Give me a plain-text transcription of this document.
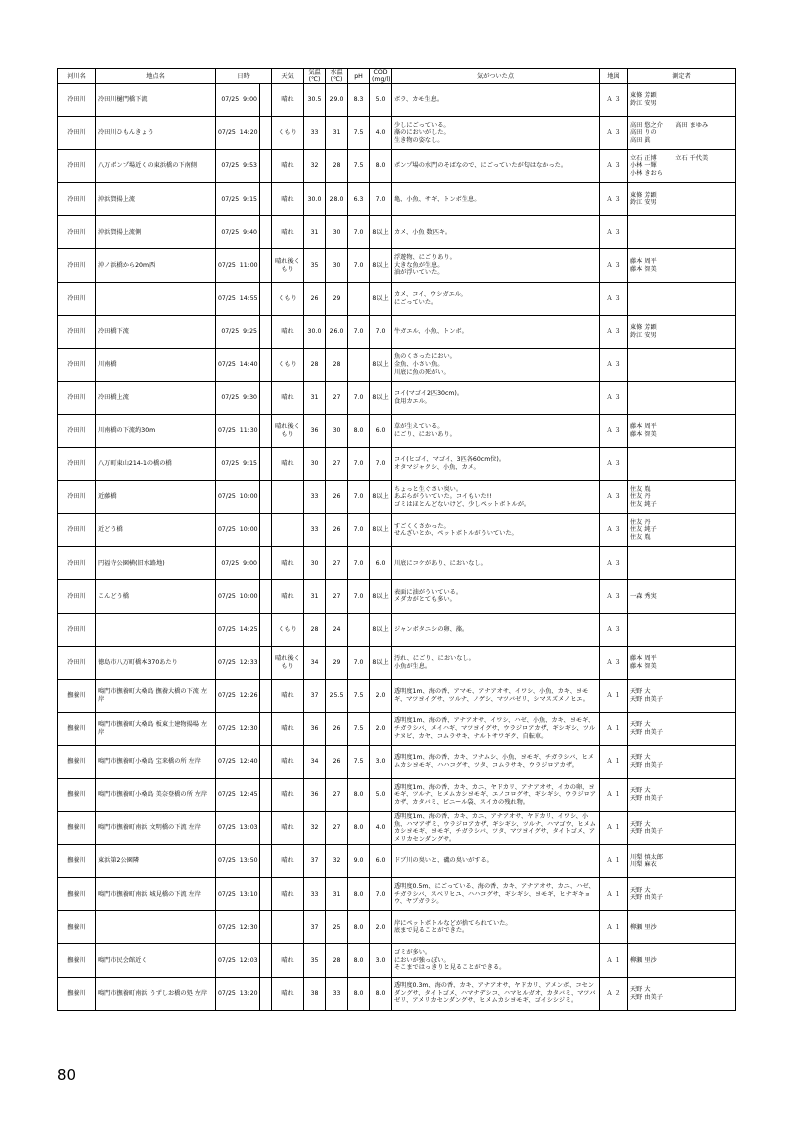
河川名	地点名	日時		天気	気温
(℃)	水温
(℃)	pH	COD
(mg/l)	気がついた点	地図	測定者
冷田川	冷田川樋門橋下流	07/25 9:00		晴れ	30.5	29.0	8.3	5.0	ボラ、カモ生息。	Ａ ３	東條 芳顕
鈴江 安男

冷田川	冷田川ひもんきょう	07/25 14:20		くもり	33	31	7.5	4.0	少しにごっている。
藻のにおいがした。
生き物の姿なし。	Ａ ３	高田 悠之介　　高田 まゆみ
高田 りの
高田 眞

冷田川	八万ポンプ場近くの東浜橋の下南側	07/25 9:53		晴れ	32	28	7.5	8.0	ポンプ場の水門のそばなので、にごっていたが匂はなかった。	Ａ ３	立石 正博　　　立石 千代美
小林 一輝
小林 きおら

冷田川	沖浜賀揚上流	07/25 9:15		晴れ	30.0	28.0	6.3	7.0	亀、小魚、サギ、トンボ生息。	Ａ ３	東條 芳顕
鈴江 安男

冷田川	沖浜賀揚上流側	07/25 9:40		晴れ	31	30	7.0	8以上	カメ、小魚 数匹キ。	Ａ ３	
冷田川	沖ノ浜橋から20m西	07/25 11:00		晴れ後くもり	35	30	7.0	8以上	浮遊物、にごりあり。
大きな魚が生息。
油が浮いていた。	Ａ ３	藤本 周平
藤本 智美

冷田川		07/25 14:55		くもり	26	29		8以上	カメ、コイ、ウシガエル。
にごっていた。	Ａ ３	
冷田川	冷田橋下流	07/25 9:25		晴れ	30.0	26.0	7.0	7.0	牛ガエル、小魚、トンボ。	Ａ ３	東條 芳顕
鈴江 安男

冷田川	川南橋	07/25 14:40		くもり	28	28		8以上	魚のくさったにおい。
金魚、小さい魚。
川底に魚の死がい。	Ａ ３	
冷田川	冷田橋上流	07/25 9:30		晴れ	31	27	7.0	8以上	コイ(マゴイ2匹30cm)。
食用カエル。	Ａ ３	
冷田川	川南橋の下流約30m	07/25 11:30		晴れ後くもり	36	30	8.0	6.0	草が生えている。
にごり、においあり。	Ａ ３	藤本 周平
藤本 智美

冷田川	八万町東山214-1の橋の橋	07/25 9:15		晴れ	30	27	7.0	7.0	コイ(ヒゴイ、マゴイ、3匹各60cm位)。
オタマジャクシ、小魚、カメ。	Ａ ３	
冷田川	近藤橋	07/25 10:00			33	26	7.0	8以上	ちょっと生ぐさい臭い。
あぶらがういていた。コイもいた!!
ゴミはほとんどないけど、少しペットボトルが。	Ａ ３	住友 胤
住友 丹
住友 純子

冷田川	近どう橋	07/25 10:00			33	26	7.0	8以上	すごくくさかった。
せんざいとか、ペットボトルがういていた。	Ａ ３	住友 丹
住友 純子
住友 胤

冷田川	円福寺公園横(旧水路地)	07/25 9:00		晴れ	30	27	7.0	6.0	川底にコケがあり、においなし。	Ａ ３	
冷田川	こんどう橋	07/25 10:00		晴れ	31	27	7.0	8以上	表面に油がういている。
メダカがとても多い。	Ａ ３	一森 秀実

冷田川		07/25 14:25		くもり	28	24		8以上	ジャンボタニシの卵、藻。	Ａ ３	
冷田川	徳島市八万町橋本370あたり	07/25 12:33		晴れ後くもり	34	29	7.0	8以上	汚れ、にごり、においなし。
小魚が生息。	Ａ ３	藤本 周平
藤本 智美

撫養川	鳴門市撫養町大桑島 撫養大橋の下流 左岸	07/25 12:26		晴れ	37	25.5	7.5	2.0	透明度1m、海の香、アマモ、アナアオサ、イワシ、小魚、カキ、ヨモギ、マツヨイグサ、ツルナ、ノゲシ、マツバゼリ、シマスズメノヒエ。	Ａ １	天野 大
天野 由美子

撫養川	鳴門市撫養町大桑島 板東土建物揚場 左岸	07/25 12:30		晴れ	36	26	7.5	2.0	透明度1m、海の香、アナアオサ、イワシ、ハゼ、小魚、カキ、ヨモギ、チガラシバ、メイハギ、マツヨイグサ、ウラジロアカザ、ギシギシ、ツルナヌビ、カヤ、コムラサキ、ナルトサワギク、自転車。	Ａ １	天野 大
天野 由美子

撫養川	鳴門市撫養町小桑島 宝来橋の所 左岸	07/25 12:40		晴れ	34	26	7.5	3.0	透明度1m、海の香、カキ、フナムシ、小魚、ヨモギ、チガラシバ、ヒメムカシヨモギ、ハハコグサ、ツタ、コムラサキ、ウラジロアカザ。	Ａ １	天野 大
天野 由美子

撫養川	鳴門市撫養町小桑島 美奈登橋の所 左岸	07/25 12:45		晴れ	36	27	8.0	5.0	透明度1m、海の香、カキ、カニ、ヤドカリ、アナアオサ、イカの卵、ヨモギ、ツルナ、ヒメムカシヨモギ、エノコログサ、ギシギシ、ウラジロアカザ、カタバミ、ビニール袋、スイカの残れ物。	Ａ １	天野 大
天野 由美子

撫養川	鳴門市撫養町南浜 文明橋の下流 左岸	07/25 13:03		晴れ	32	27	8.0	4.0	透明度1m、海の香、カキ、カニ、アナアオサ、ヤドカリ、イワシ、小魚、ハマアザミ、ウラジロアカザ、ギシギシ、ツルナ、ハマゴウ、ヒメムカシヨモギ、ヨモギ、チガラシバ、ツタ、マツヨイグサ、タイトゴメ、アメリカセンダングサ。	Ａ １	天野 大
天野 由美子

撫養川	東浜第2公園隣	07/25 13:50		晴れ	37	32	9.0	6.0	ドブ川の臭いと、磯の臭いがする。	Ａ １	川梨 慎太郎
川梨 麻衣

撫養川	鳴門市撫養町南浜 城見橋の下流 左岸	07/25 13:10		晴れ	33	31	8.0	7.0	透明度0.5m、にごっている、海の香、カキ、アナアオサ、カニ、ハゼ、チガラシバ、スベリヒユ、ハハコグサ、ギシギシ、ヨモギ、ヒナギキョウ、ヤブガラシ。	Ａ １	天野 大
天野 由美子

撫養川		07/25 12:30			37	25	8.0	2.0	岸にペットボトルなどが捨てられていた。
底まで見ることができた。	Ａ １	柳瀬 里沙

撫養川	鳴門市民会館近く	07/25 12:03		晴れ	35	28	8.0	3.0	ゴミが多い。
においが強っぽい。
そこまではっきりと見ることができる。	Ａ １	柳瀬 里沙

撫養川	鳴門市撫養町南浜 うずしお橋の処 左岸	07/25 13:20		晴れ	38	33	8.0	8.0	透明度0.3m、海の香、カキ、アナアオサ、ヤドカリ、アメンボ、コセンダングサ、タイトゴメ、ハマナデシコ、ハマヒルガオ、カタバミ、マツバゼリ、アメリカセンダングサ、ヒメムカシヨモギ、ゴイシシジミ。	Ａ ２	天野 大
天野 由美子
80
